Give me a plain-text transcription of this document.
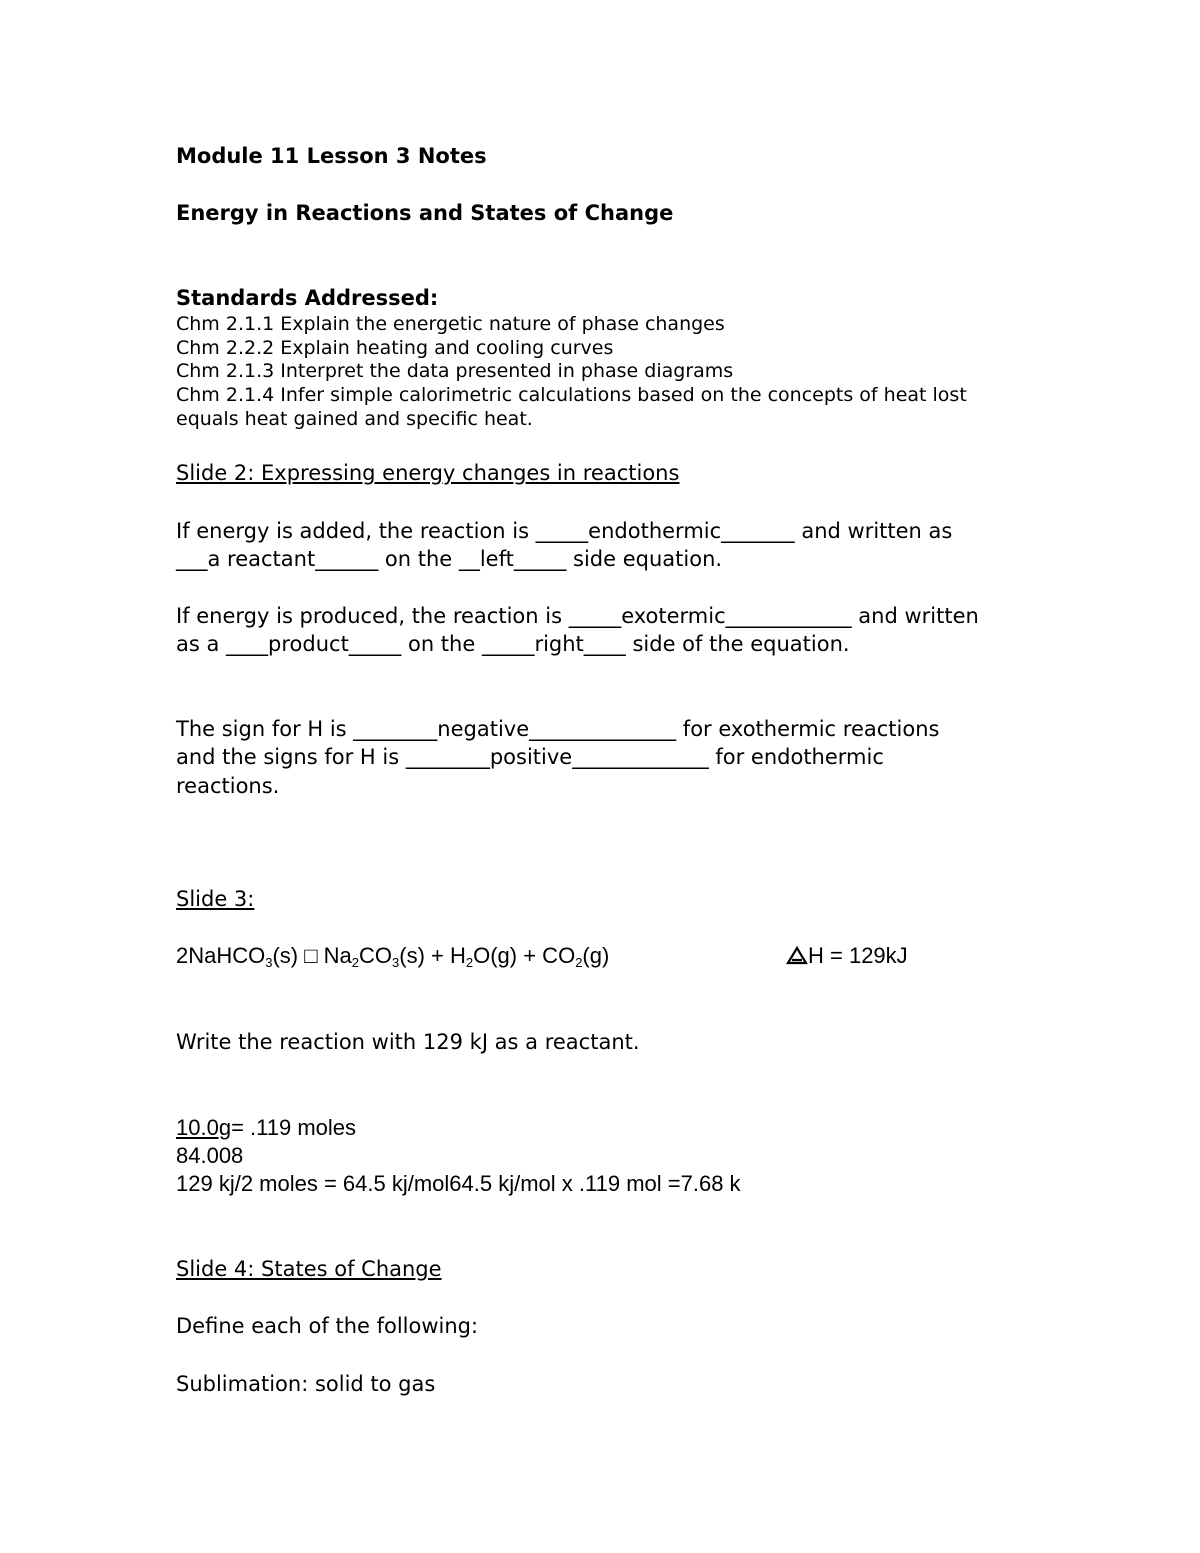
Module 11 Lesson 3 Notes
Energy in Reactions and States of Change
Standards Addressed:
Chm 2.1.1 Explain the energetic nature of phase changes
Chm 2.2.2 Explain heating and cooling curves
Chm 2.1.3 Interpret the data presented in phase diagrams
Chm 2.1.4 Infer simple calorimetric calculations based on the concepts of heat lost
equals heat gained and specific heat.
Slide 2: Expressing energy changes in reactions
If energy is added, the reaction is _____endothermic_______ and written as
___a reactant______ on the __left_____ side equation.
If energy is produced, the reaction is _____exotermic____________ and written
as a ____product_____ on the _____right____ side of the equation.
The sign for H is ________negative______________ for exothermic reactions
and the signs for H is ________positive_____________ for endothermic
reactions.
Slide 3:
2NaHCO$_3$(s) □ $Na_2CO_3(s) + H_2O(g) + CO_2(g)$	H = 129kJ
Write the reaction with 129 kJ as a reactant.
10.0g= .119 moles
84.008
129 kj/2 moles = 64.5 kj/mol64.5 kj/mol x .119 mol =7.68 k
Slide 4: States of Change
Define each of the following:
Sublimation: solid to gas
